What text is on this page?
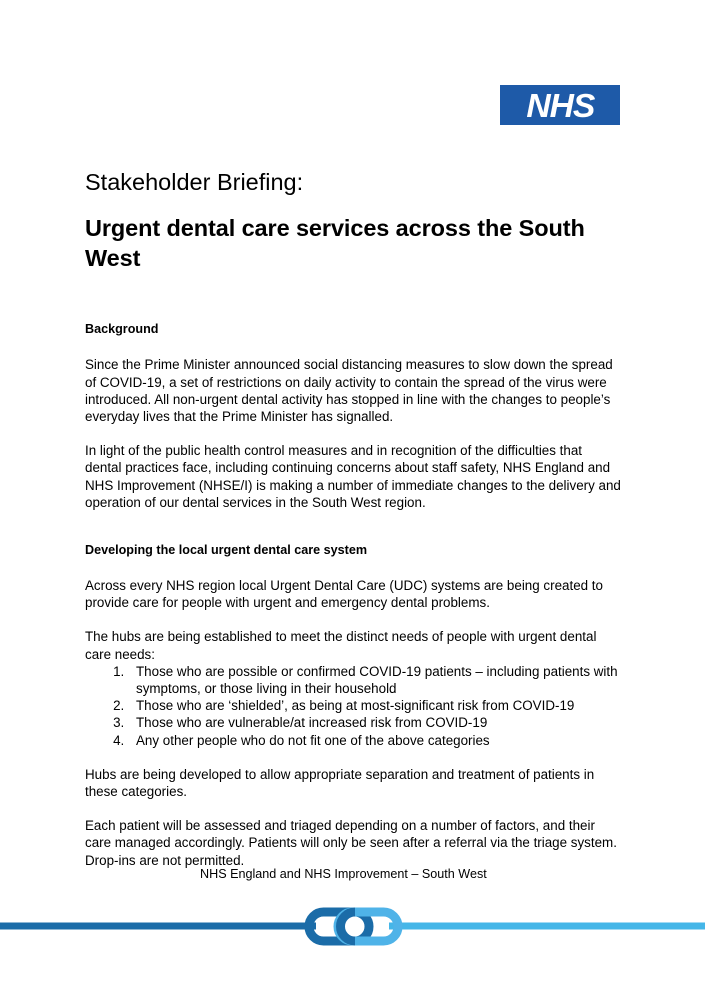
NHS
Stakeholder Briefing:
Urgent dental care services across the South West
Background

Since the Prime Minister announced social distancing measures to slow down the spread of COVID-19, a set of restrictions on daily activity to contain the spread of the virus were introduced. All non-urgent dental activity has stopped in line with the changes to people’s everyday lives that the Prime Minister has signalled.

In light of the public health control measures and in recognition of the difficulties that dental practices face, including continuing concerns about staff safety, NHS England and NHS Improvement (NHSE/I) is making a number of immediate changes to the delivery and operation of our dental services in the South West region.

Developing the local urgent dental care system

Across every NHS region local Urgent Dental Care (UDC) systems are being created to provide care for people with urgent and emergency dental problems.

The hubs are being established to meet the distinct needs of people with urgent dental care needs:

1. Those who are possible or confirmed COVID-19 patients – including patients with symptoms, or those living in their household
2. Those who are ‘shielded’, as being at most-significant risk from COVID-19
3. Those who are vulnerable/at increased risk from COVID-19
4. Any other people who do not fit one of the above categories

Hubs are being developed to allow appropriate separation and treatment of patients in these categories.

Each patient will be assessed and triaged depending on a number of factors, and their care managed accordingly. Patients will only be seen after a referral via the triage system. Drop-ins are not permitted.

NHS England and NHS Improvement – South West
